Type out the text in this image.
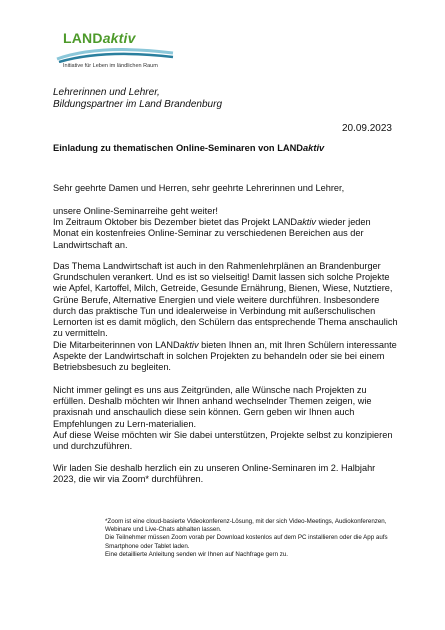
LANDaktiv
Initiative für Leben im ländlichen Raum
Lehrerinnen und Lehrer,
Bildungspartner im Land Brandenburg
20.09.2023
Einladung zu thematischen Online-Seminaren von LANDaktiv

Sehr geehrte Damen und Herren, sehr geehrte Lehrerinnen und Lehrer,

unsere Online-Seminarreihe geht weiter!
Im Zeitraum Oktober bis Dezember bietet das Projekt LANDaktiv wieder jeden Monat ein kostenfreies Online-Seminar zu verschiedenen Bereichen aus der Landwirtschaft an.

Das Thema Landwirtschaft ist auch in den Rahmenlehrplänen an Brandenburger Grundschulen verankert. Und es ist so vielseitig! Damit lassen sich solche Projekte wie Apfel, Kartoffel, Milch, Getreide, Gesunde Ernährung, Bienen, Wiese, Nutztiere, Grüne Berufe, Alternative Energien und viele weitere durchführen. Insbesondere durch das praktische Tun und idealerweise in Verbindung mit außerschulischen Lernorten ist es damit möglich, den Schülern das entsprechende Thema anschaulich zu vermitteln.

Die Mitarbeiterinnen von LANDaktiv bieten Ihnen an, mit Ihren Schülern interessante Aspekte der Landwirtschaft in solchen Projekten zu behandeln oder sie bei einem Betriebsbesuch zu begleiten.
Nicht immer gelingt es uns aus Zeitgründen, alle Wünsche nach Projekten zu erfüllen. Deshalb möchten wir Ihnen anhand wechselnder Themen zeigen, wie praxisnah und anschaulich diese sein können. Gern geben wir Ihnen auch Empfehlungen zu Lern-materialien.
Auf diese Weise möchten wir Sie dabei unterstützen, Projekte selbst zu konzipieren und durchzuführen.

Wir laden Sie deshalb herzlich ein zu unseren Online-Seminaren im 2. Halbjahr 2023, die wir via Zoom* durchführen.

*Zoom ist eine cloud-basierte Videokonferenz-Lösung, mit der sich Video-Meetings, Audiokonferenzen, Webinare und Live-Chats abhalten lassen.
Die Teilnehmer müssen Zoom vorab per Download kostenlos auf dem PC installieren oder die App aufs Smartphone oder Tablet laden.
Eine detaillierte Anleitung senden wir Ihnen auf Nachfrage gern zu.
